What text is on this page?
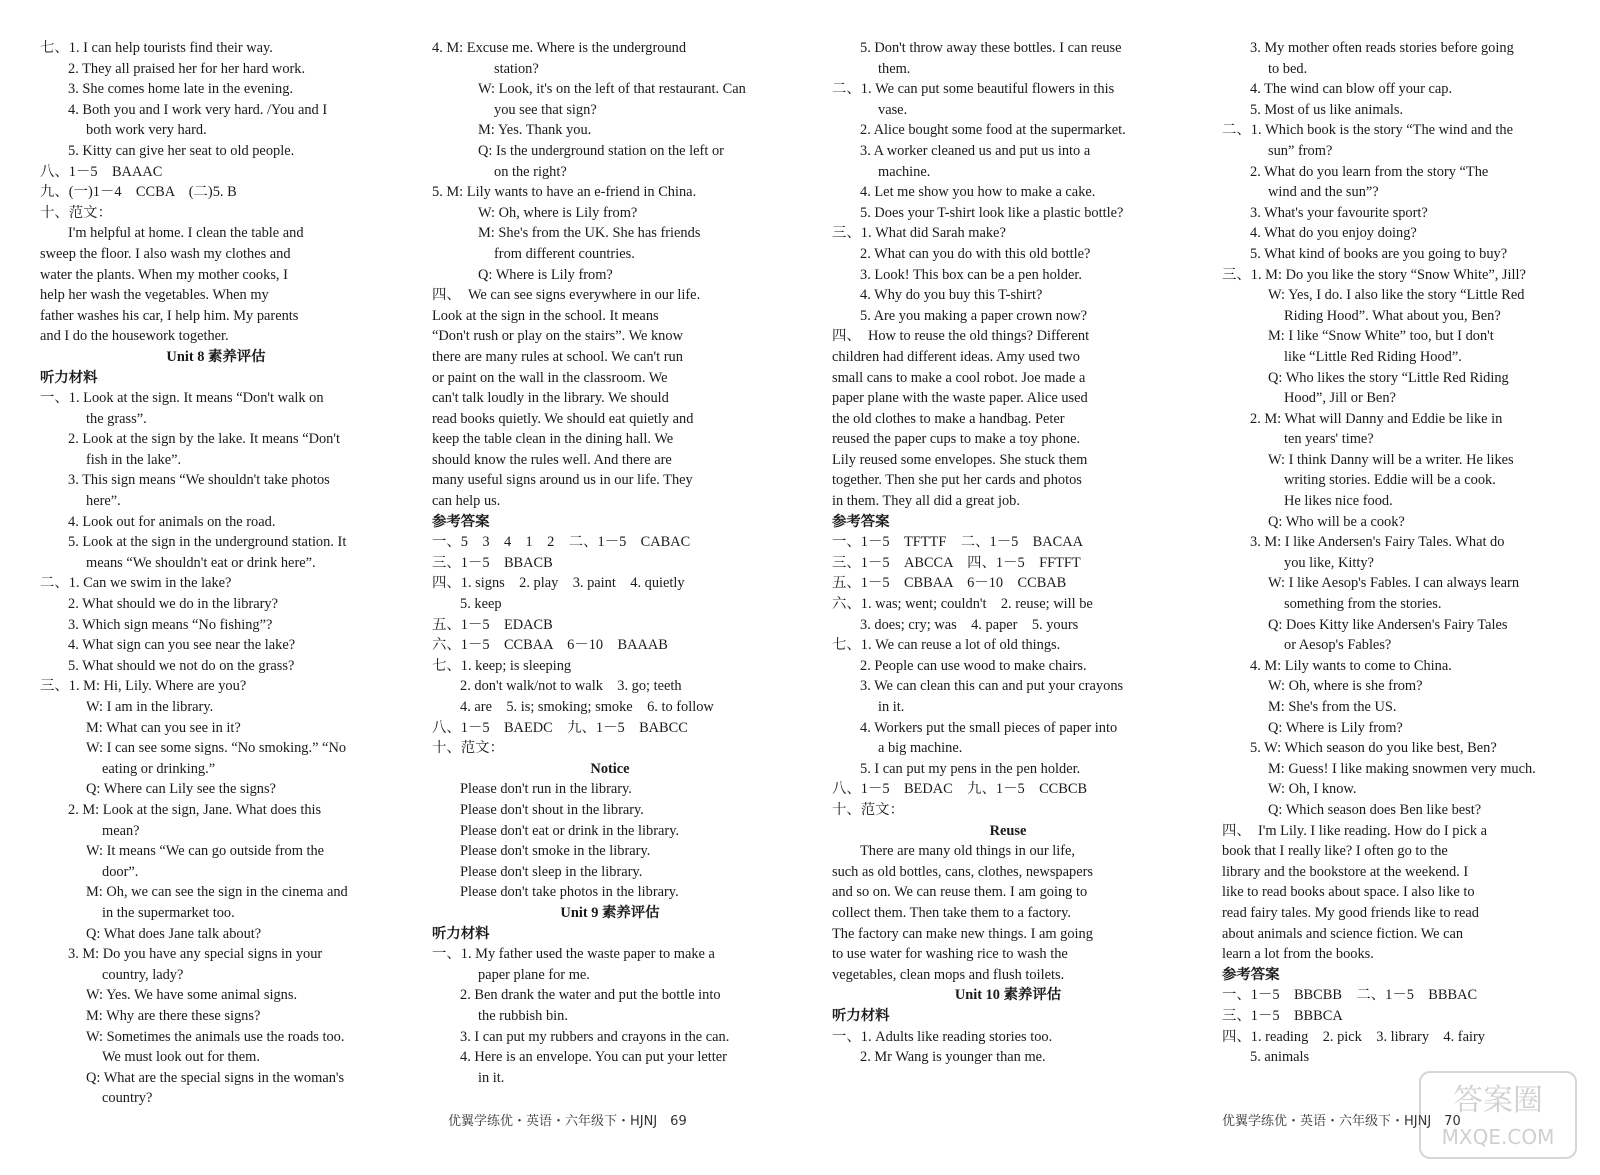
七、1. I can help tourists find their way.
2. They all praised her for her hard work.
3. She comes home late in the evening.
4. Both you and I work very hard. /You and I
both work very hard.
5. Kitty can give her seat to old people.
八、1－5　BAAAC
九、(一)1－4　CCBA　(二)5. B
十、范文：
I'm helpful at home. I clean the table and
sweep the floor. I also wash my clothes and
water the plants. When my mother cooks, I
help her wash the vegetables. When my
father washes his car, I help him. My parents
and I do the housework together.
Unit 8 素养评估
听力材料
一、1. Look at the sign. It means “Don't walk on
the grass”.
2. Look at the sign by the lake. It means “Don't
fish in the lake”.
3. This sign means “We shouldn't take photos
here”.
4. Look out for animals on the road.
5. Look at the sign in the underground station. It
means “We shouldn't eat or drink here”.
二、1. Can we swim in the lake?
2. What should we do in the library?
3. Which sign means “No fishing”?
4. What sign can you see near the lake?
5. What should we not do on the grass?
三、1. M: Hi, Lily. Where are you?
W: I am in the library.
M: What can you see in it?
W: I can see some signs. “No smoking.” “No
eating or drinking.”
Q: Where can Lily see the signs?
2. M: Look at the sign, Jane. What does this
mean?
W: It means “We can go outside from the
door”.
M: Oh, we can see the sign in the cinema and
in the supermarket too.
Q: What does Jane talk about?
3. M: Do you have any special signs in your
country, lady?
W: Yes. We have some animal signs.
M: Why are there these signs?
W: Sometimes the animals use the roads too.
We must look out for them.
Q: What are the special signs in the woman's
country?
4. M: Excuse me. Where is the underground
station?
W: Look, it's on the left of that restaurant. Can
you see that sign?
M: Yes. Thank you.
Q: Is the underground station on the left or
on the right?
5. M: Lily wants to have an e-friend in China.
W: Oh, where is Lily from?
M: She's from the UK. She has friends
from different countries.
Q: Where is Lily from?
四、　We can see signs everywhere in our life.
Look at the sign in the school. It means
“Don't rush or play on the stairs”. We know
there are many rules at school. We can't run
or paint on the wall in the classroom. We
can't talk loudly in the library. We should
read books quietly. We should eat quietly and
keep the table clean in the dining hall. We
should know the rules well. And there are
many useful signs around us in our life. They
can help us.
参考答案
一、5　3　4　1　2　二、1－5　CABAC
三、1－5　BBACB
四、1. signs　2. play　3. paint　4. quietly
5. keep
五、1－5　EDACB
六、1－5　CCBAA　6－10　BAAAB
七、1. keep; is sleeping
2. don't walk/not to walk　3. go; teeth
4. are　5. is; smoking; smoke　6. to follow
八、1－5　BAEDC　九、1－5　BABCC
十、范文：
Notice
Please don't run in the library.
Please don't shout in the library.
Please don't eat or drink in the library.
Please don't smoke in the library.
Please don't sleep in the library.
Please don't take photos in the library.
Unit 9 素养评估
听力材料
一、1. My father used the waste paper to make a
paper plane for me.
2. Ben drank the water and put the bottle into
the rubbish bin.
3. I can put my rubbers and crayons in the can.
4. Here is an envelope. You can put your letter
in it.
5. Don't throw away these bottles. I can reuse
them.
二、1. We can put some beautiful flowers in this
vase.
2. Alice bought some food at the supermarket.
3. A worker cleaned us and put us into a
machine.
4. Let me show you how to make a cake.
5. Does your T-shirt look like a plastic bottle?
三、1. What did Sarah make?
2. What can you do with this old bottle?
3. Look! This box can be a pen holder.
4. Why do you buy this T-shirt?
5. Are you making a paper crown now?
四、　How to reuse the old things? Different
children had different ideas. Amy used two
small cans to make a cool robot. Joe made a
paper plane with the waste paper. Alice used
the old clothes to make a handbag. Peter
reused the paper cups to make a toy phone.
Lily reused some envelopes. She stuck them
together. Then she put her cards and photos
in them. They all did a great job.
参考答案
一、1－5　TFTTF　二、1－5　BACAA
三、1－5　ABCCA　四、1－5　FFTFT
五、1－5　CBBAA　6－10　CCBAB
六、1. was; went; couldn't　2. reuse; will be
3. does; cry; was　4. paper　5. yours
七、1. We can reuse a lot of old things.
2. People can use wood to make chairs.
3. We can clean this can and put your crayons
in it.
4. Workers put the small pieces of paper into
a big machine.
5. I can put my pens in the pen holder.
八、1－5　BEDAC　九、1－5　CCBCB
十、范文：
Reuse
There are many old things in our life,
such as old bottles, cans, clothes, newspapers
and so on. We can reuse them. I am going to
collect them. Then take them to a factory.
The factory can make new things. I am going
to use water for washing rice to wash the
vegetables, clean mops and flush toilets.
Unit 10 素养评估
听力材料
一、1. Adults like reading stories too.
2. Mr Wang is younger than me.
3. My mother often reads stories before going
to bed.
4. The wind can blow off your cap.
5. Most of us like animals.
二、1. Which book is the story “The wind and the
sun” from?
2. What do you learn from the story “The
wind and the sun”?
3. What's your favourite sport?
4. What do you enjoy doing?
5. What kind of books are you going to buy?
三、1. M: Do you like the story “Snow White”, Jill?
W: Yes, I do. I also like the story “Little Red
Riding Hood”. What about you, Ben?
M: I like “Snow White” too, but I don't
like “Little Red Riding Hood”.
Q: Who likes the story “Little Red Riding
Hood”, Jill or Ben?
2. M: What will Danny and Eddie be like in
ten years' time?
W: I think Danny will be a writer. He likes
writing stories. Eddie will be a cook.
He likes nice food.
Q: Who will be a cook?
3. M: I like Andersen's Fairy Tales. What do
you like, Kitty?
W: I like Aesop's Fables. I can always learn
something from the stories.
Q: Does Kitty like Andersen's Fairy Tales
or Aesop's Fables?
4. M: Lily wants to come to China.
W: Oh, where is she from?
M: She's from the US.
Q: Where is Lily from?
5. W: Which season do you like best, Ben?
M: Guess! I like making snowmen very much.
W: Oh, I know.
Q: Which season does Ben like best?
四、　I'm Lily. I like reading. How do I pick a
book that I really like? I often go to the
library and the bookstore at the weekend. I
like to read books about space. I also like to
read fairy tales. My good friends like to read
about animals and science fiction. We can
learn a lot from the books.
参考答案
一、1－5　BBCBB　二、1－5　BBBAC
三、1－5　BBBCA
四、1. reading　2. pick　3. library　4. fairy
5. animals
优翼学练优・英语・六年级下・HJNJ　69	优翼学练优・英语・六年级下・HJNJ　70
答案圈
MXQE.COM
